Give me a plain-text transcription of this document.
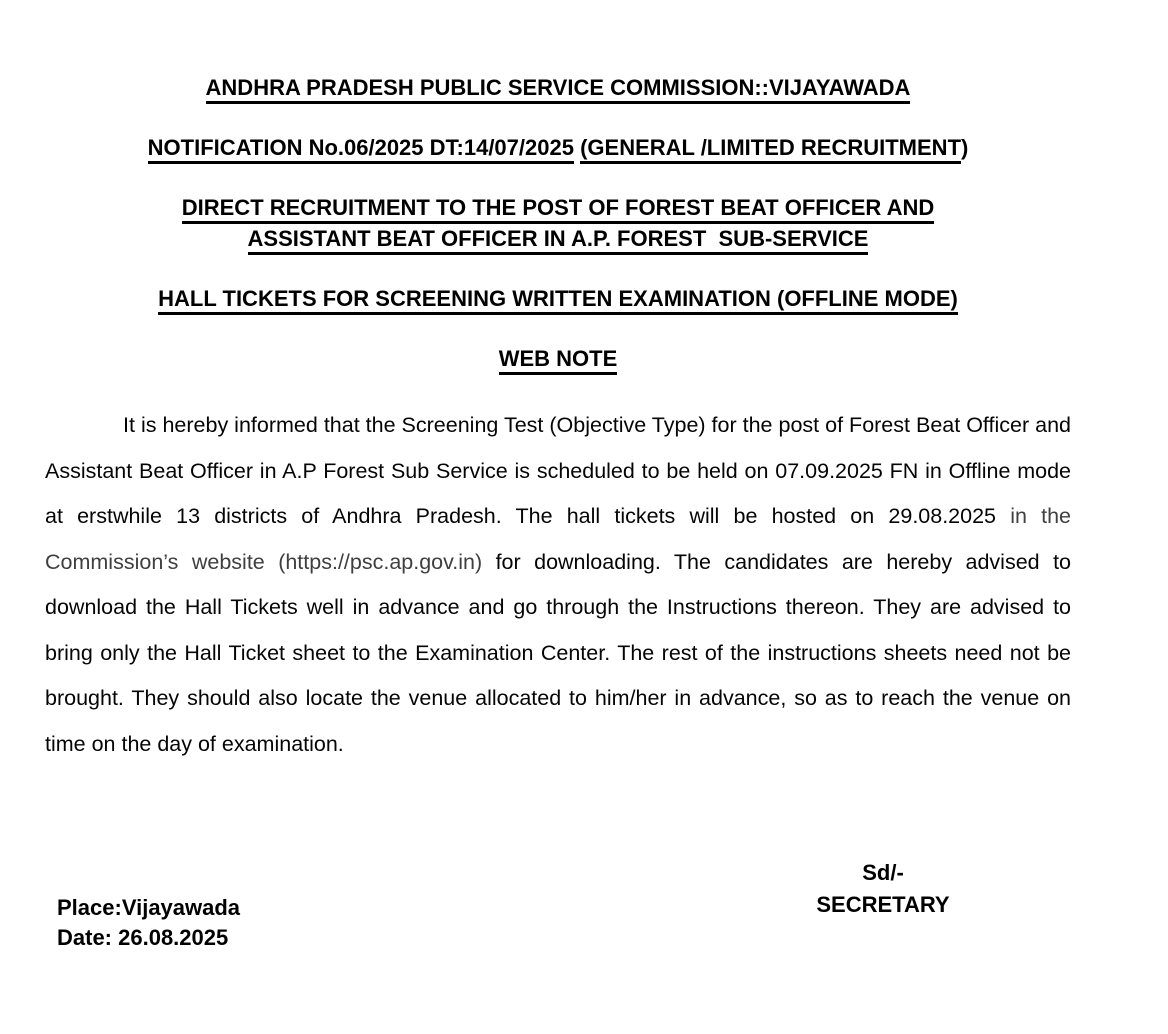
ANDHRA PRADESH PUBLIC SERVICE COMMISSION::VIJAYAWADA
NOTIFICATION No.06/2025 DT:14/07/2025 (GENERAL /LIMITED RECRUITMENT)
DIRECT RECRUITMENT TO THE POST OF FOREST BEAT OFFICER AND
ASSISTANT BEAT OFFICER IN A.P. FOREST  SUB-SERVICE
HALL TICKETS FOR SCREENING WRITTEN EXAMINATION (OFFLINE MODE)
WEB NOTE

It is hereby informed that the Screening Test (Objective Type) for the post of Forest Beat Officer and Assistant Beat Officer in A.P Forest Sub Service is scheduled to be held on 07.09.2025 FN in Offline mode at erstwhile 13 districts of Andhra Pradesh. The hall tickets will be hosted on 29.08.2025 in the Commission’s website (https://psc.ap.gov.in) for downloading. The candidates are hereby advised to download the Hall Tickets well in advance and go through the Instructions thereon. They are advised to bring only the Hall Ticket sheet to the Examination Center. The rest of the instructions sheets need not be brought. They should also locate the venue allocated to him/her in advance, so as to reach the venue on time on the day of examination.

Place:Vijayawada
Date: 26.08.2025
Sd/-
SECRETARY
